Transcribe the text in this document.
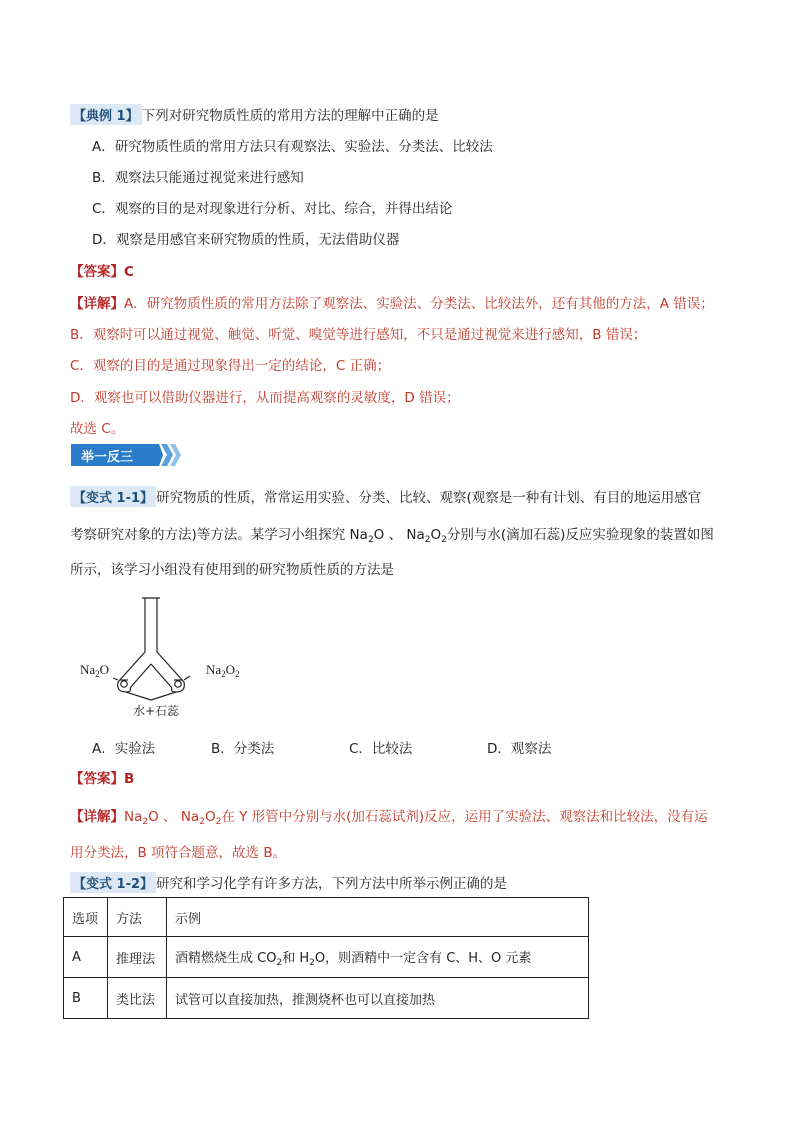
【典例 1】 下列对研究物质性质的常用方法的理解中正确的是
A．研究物质性质的常用方法只有观察法、实验法、分类法、比较法
B．观察法只能通过视觉来进行感知
C．观察的目的是对现象进行分析、对比、综合，并得出结论
D．观察是用感官来研究物质的性质，无法借助仪器
【答案】C
【详解】A．研究物质性质的常用方法除了观察法、实验法、分类法、比较法外，还有其他的方法，A 错误；
B．观察时可以通过视觉、触觉、听觉、嗅觉等进行感知，不只是通过视觉来进行感知，B 错误；
C．观察的目的是通过现象得出一定的结论，C 正确；
D．观察也可以借助仪器进行，从而提高观察的灵敏度，D 错误；
故选 C。
举一反三
【变式 1-1】 研究物质的性质，常常运用实验、分类、比较、观察(观察是一种有计划、有目的地运用感官
考察研究对象的方法)等方法。某学习小组探究 $Na_2O$ 、 $Na_2O_2$分别与水(滴加石蕊)反应实验现象的装置如图
所示，该学习小组没有使用到的研究物质性质的方法是
$Na_2O$	$Na_2O_2$
水+石蕊
A．实验法	B．分类法	C．比较法	D．观察法
【答案】B
【详解】$Na_2O$ 、 $Na_2O_2$在 Y 形管中分别与水(加石蕊试剂)反应，运用了实验法、观察法和比较法，没有运
用分类法，B 项符合题意，故选 B。
【变式 1-2】 研究和学习化学有许多方法，下列方法中所举示例正确的是
选项	方法	示例
A	推理法	酒精燃烧生成 $CO_2$和 $H_2O$，则酒精中一定含有 C、H、O 元素
B	类比法	试管可以直接加热，推测烧杯也可以直接加热
